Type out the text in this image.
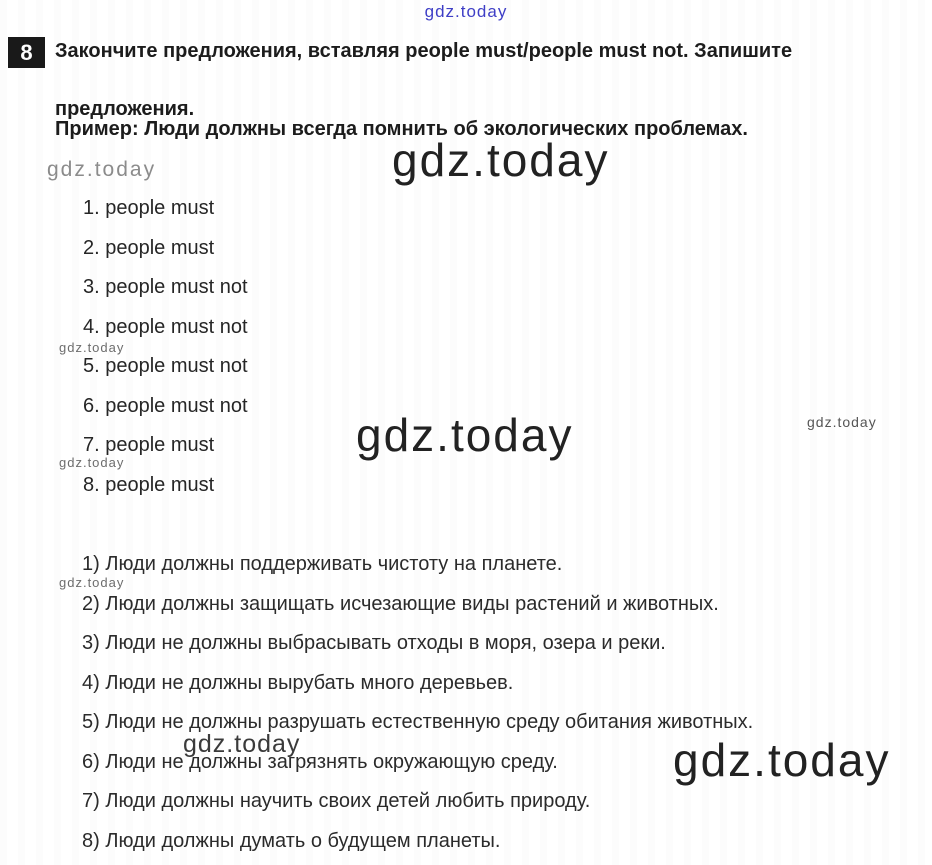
gdz.today
8	Закончите предложения, вставляя people must/people must not. Запишите
предложения.
Пример: Люди должны всегда помнить об экологических проблемах.
gdz.today	gdz.today
1. people must
2. people must
3. people must not
4. people must not
5. people must not
6. people must not
7. people must
8. people must
gdz.today
gdz.today
gdz.today
gdz.today
gdz.today
1) Люди должны поддерживать чистоту на планете.
2) Люди должны защищать исчезающие виды растений и животных.
3) Люди не должны выбрасывать отходы в моря, озера и реки.
4) Люди не должны вырубать много деревьев.
5) Люди не должны разрушать естественную среду обитания животных.
6) Люди не должны загрязнять окружающую среду.
7) Люди должны научить своих детей любить природу.
8) Люди должны думать о будущем планеты.
gdz.today	gdz.today
